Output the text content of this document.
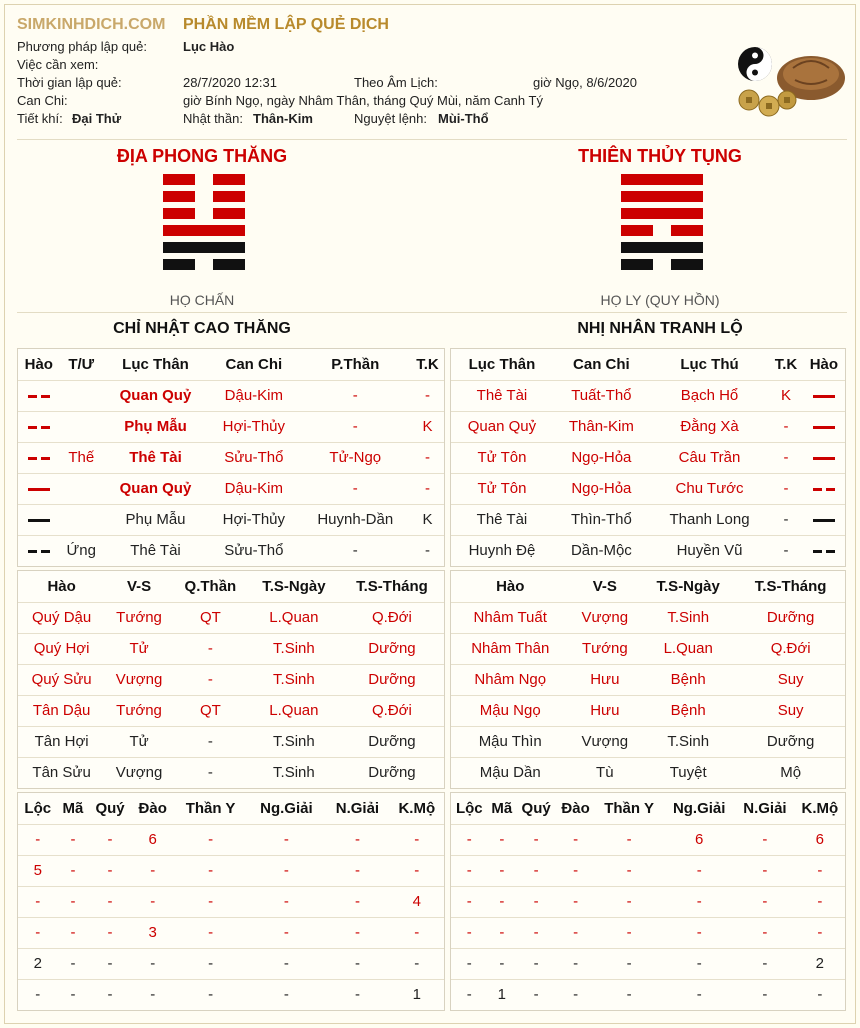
SIMKINHDICH.COM PHẦN MỀM LẬP QUẺ DỊCH
Phương pháp lập quẻ:	Lục Hào
Việc cần xem:
Thời gian lập quẻ:	28/7/2020 12:31	Theo Âm Lịch:	giờ Ngọ, 8/6/2020
Can Chi:	giờ Bính Ngọ, ngày Nhâm Thân, tháng Quý Mùi, năm Canh Tý
Tiết khí: Đại Thử	Nhật thần: Thân-Kim	Nguyệt lệnh: Mùi-Thổ
ĐỊA PHONG THĂNG
HỌ CHẤN
THIÊN THỦY TỤNG
HỌ LY (QUY HỒN)
CHỈ NHẬT CAO THĂNG	NHỊ NHÂN TRANH LỘ
Hào	T/Ư	Lục Thân	Can Chi	P.Thần	T.K
		Quan Quỷ	Dậu-Kim	-	-
		Phụ Mẫu	Hợi-Thủy	-	K
	Thế	Thê Tài	Sửu-Thổ	Tử-Ngọ	-
		Quan Quỷ	Dậu-Kim	-	-
		Phụ Mẫu	Hợi-Thủy	Huynh-Dần	K
	Ứng	Thê Tài	Sửu-Thổ	-	-
Lục Thân	Can Chi	Lục Thú	T.K	Hào
Thê Tài	Tuất-Thổ	Bạch Hổ	K	
Quan Quỷ	Thân-Kim	Đằng Xà	-	
Tử Tôn	Ngọ-Hỏa	Câu Trần	-	
Tử Tôn	Ngọ-Hỏa	Chu Tước	-	
Thê Tài	Thìn-Thổ	Thanh Long	-	
Huynh Đệ	Dần-Mộc	Huyền Vũ	-	
Hào	V-S	Q.Thần	T.S-Ngày	T.S-Tháng
Quý Dậu	Tướng	QT	L.Quan	Q.Đới
Quý Hợi	Tử	-	T.Sinh	Dưỡng
Quý Sửu	Vượng	-	T.Sinh	Dưỡng
Tân Dậu	Tướng	QT	L.Quan	Q.Đới
Tân Hợi	Tử	-	T.Sinh	Dưỡng
Tân Sửu	Vượng	-	T.Sinh	Dưỡng
Hào	V-S	T.S-Ngày	T.S-Tháng
Nhâm Tuất	Vượng	T.Sinh	Dưỡng
Nhâm Thân	Tướng	L.Quan	Q.Đới
Nhâm Ngọ	Hưu	Bệnh	Suy
Mậu Ngọ	Hưu	Bệnh	Suy
Mậu Thìn	Vượng	T.Sinh	Dưỡng
Mậu Dần	Tù	Tuyệt	Mộ
Lộc	Mã	Quý	Đào	Thần Y	Ng.Giải	N.Giải	K.Mộ
-	-	-	6	-	-	-	-
5	-	-	-	-	-	-	-
-	-	-	-	-	-	-	4
-	-	-	3	-	-	-	-
2	-	-	-	-	-	-	-
-	-	-	-	-	-	-	1
Lộc	Mã	Quý	Đào	Thần Y	Ng.Giải	N.Giải	K.Mộ
-	-	-	-	-	6	-	6
-	-	-	-	-	-	-	-
-	-	-	-	-	-	-	-
-	-	-	-	-	-	-	-
-	-	-	-	-	-	-	2
-	1	-	-	-	-	-	-
